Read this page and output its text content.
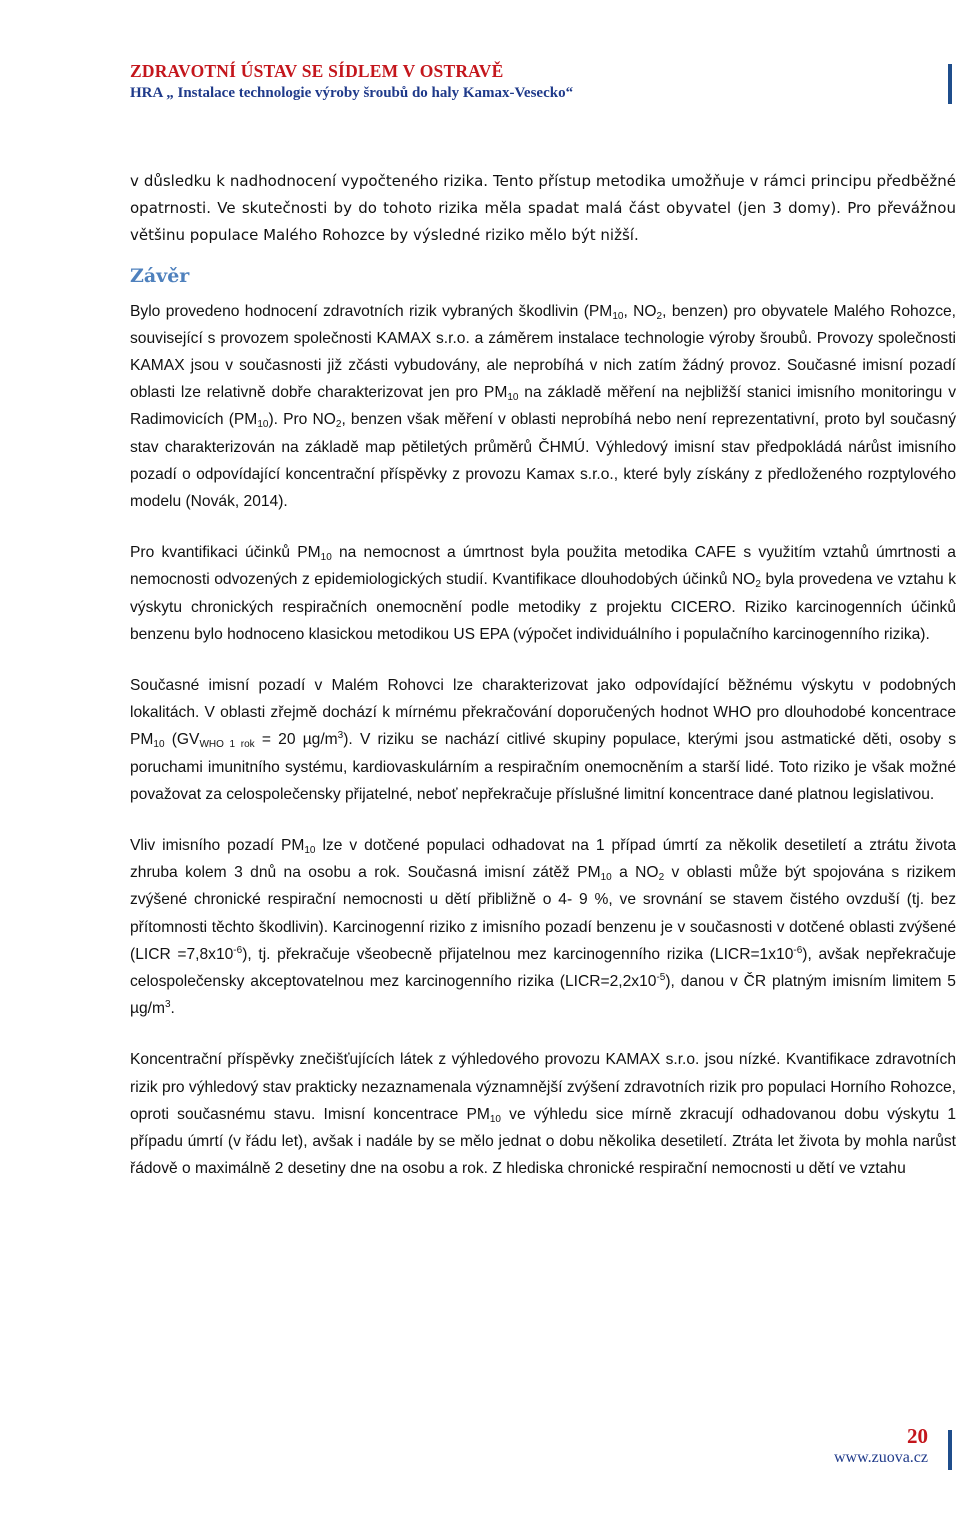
ZDRAVOTNÍ ÚSTAV SE SÍDLEM V OSTRAVĚ
HRA „ Instalace technologie výroby šroubů do haly Kamax-Vesecko“

v důsledku k nadhodnocení vypočteného rizika. Tento přístup metodika umožňuje v rámci principu předběžné opatrnosti. Ve skutečnosti by do tohoto rizika měla spadat malá část obyvatel (jen 3 domy). Pro převážnou většinu populace Malého Rohozce by výsledné riziko mělo být nižší.

Závěr

Bylo provedeno hodnocení zdravotních rizik vybraných škodlivin ($PM_{10}$, $NO_2$, benzen) pro obyvatele Malého Rohozce, související s provozem společnosti KAMAX s.r.o. a záměrem instalace technologie výroby šroubů. Provozy společnosti KAMAX jsou v současnosti již zčásti vybudovány, ale neprobíhá v nich zatím žádný provoz. Současné imisní pozadí oblasti lze relativně dobře charakterizovat jen pro $PM_{10}$ na základě měření na nejbližší stanici imisního monitoringu v Radimovicích $(PM_{10})$. Pro $NO_2$, benzen však měření v oblasti neprobíhá nebo není reprezentativní, proto byl současný stav charakterizován na základě map pětiletých průměrů ČHMÚ. Výhledový imisní stav předpokládá nárůst imisního pozadí o odpovídající koncentrační příspěvky z provozu Kamax s.r.o., které byly získány z předloženého rozptylového modelu (Novák, 2014).

Pro kvantifikaci účinků $PM_{10}$ na nemocnost a úmrtnost byla použita metodika CAFE s využitím vztahů úmrtnosti a nemocnosti odvozených z epidemiologických studií. Kvantifikace dlouhodobých účinků $NO_2$ byla provedena ve vztahu k výskytu chronických respiračních onemocnění podle metodiky z projektu CICERO. Riziko karcinogenních účinků benzenu bylo hodnoceno klasickou metodikou US EPA (výpočet individuálního i populačního karcinogenního rizika).

Současné imisní pozadí v Malém Rohovci lze charakterizovat jako odpovídající běžnému výskytu v podobných lokalitách. V oblasti zřejmě dochází k mírnému překračování doporučených hodnot WHO pro dlouhodobé koncentrace $PM_{10}$ ($GV_{WHO 1 rok} = 20$ $\mu g/m^3$). V riziku se nachází citlivé skupiny populace, kterými jsou astmatické děti, osoby s poruchami imunitního systému, kardiovaskulárním a respiračním onemocněním a starší lidé. Toto riziko je však možné považovat za celospolečensky přijatelné, neboť nepřekračuje příslušné limitní koncentrace dané platnou legislativou.

Vliv imisního pozadí $PM_{10}$ lze v dotčené populaci odhadovat na 1 případ úmrtí za několik desetiletí a ztrátu života zhruba kolem 3 dnů na osobu a rok. Současná imisní zátěž $PM_{10}$ a $NO_2$ v oblasti může být spojována s rizikem zvýšené chronické respirační nemocnosti u dětí přibližně o 4- 9 %, ve srovnání se stavem čistého ovzduší (tj. bez přítomnosti těchto škodlivin). Karcinogenní riziko z imisního pozadí benzenu je v současnosti v dotčené oblasti zvýšené (LICR $=7,8x10^{-6}$), tj. překračuje všeobecně přijatelnou mez karcinogenního rizika $(LICR=1x10^{-6})$, avšak nepřekračuje celospolečensky akceptovatelnou mez karcinogenního rizika $(LICR=2,2x10^{-5})$, danou v ČR platným imisním limitem 5 $\mu g/m^3$.

Koncentrační příspěvky znečišťujících látek z výhledového provozu KAMAX s.r.o. jsou nízké. Kvantifikace zdravotních rizik pro výhledový stav prakticky nezaznamenala významnější zvýšení zdravotních rizik pro populaci Horního Rohozce, oproti současnému stavu. Imisní koncentrace $PM_{10}$ ve výhledu sice mírně zkracují odhadovanou dobu výskytu 1 případu úmrtí (v řádu let), avšak i nadále by se mělo jednat o dobu několika desetiletí. Ztráta let života by mohla narůst řádově o maximálně 2 desetiny dne na osobu a rok. Z hlediska chronické respirační nemocnosti u dětí ve vztahu

20
www.zuova.cz
